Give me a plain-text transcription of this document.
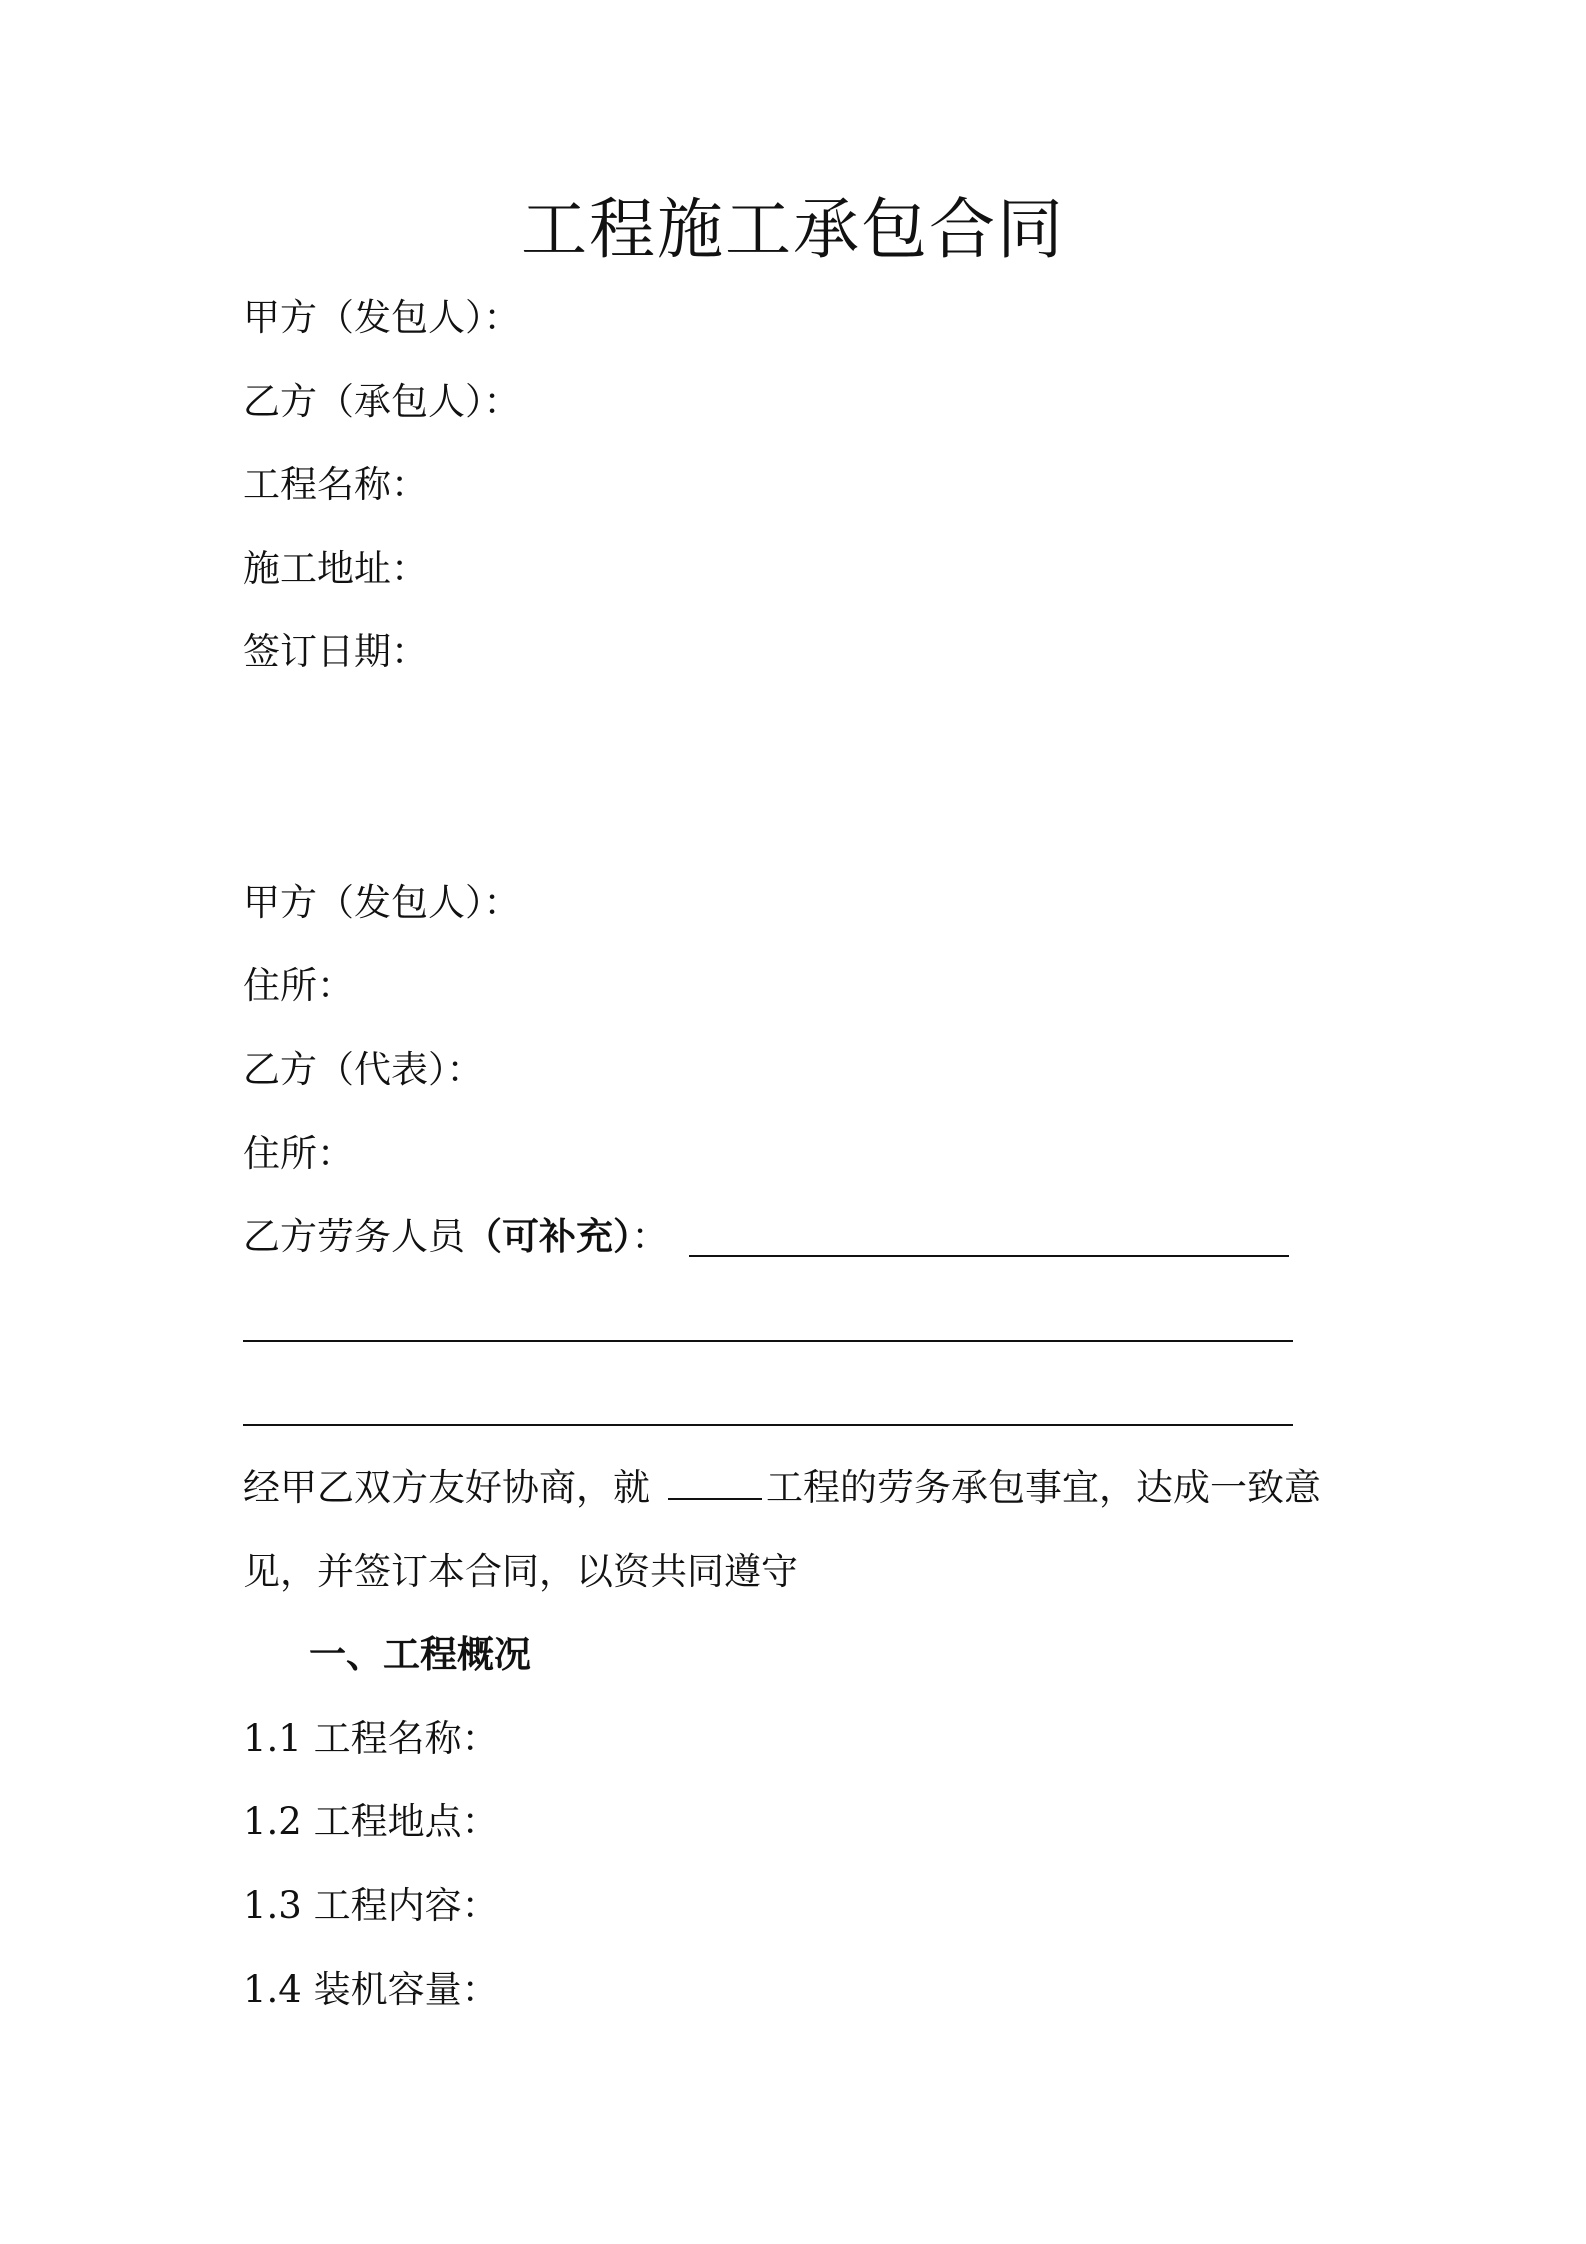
工程施工承包合同
甲方（发包人）：
乙方（承包人）：
工程名称：
施工地址：
签订日期：
甲方（发包人）：
住所：
乙方（代表）：
住所：
乙方劳务人员（可补充）：
经甲乙双方友好协商，就	工程的劳务承包事宜，达成一致意
见，并签订本合同，以资共同遵守
一、工程概况
1.1 工程名称：
1.2 工程地点：
1.3 工程内容：
1.4 装机容量：
